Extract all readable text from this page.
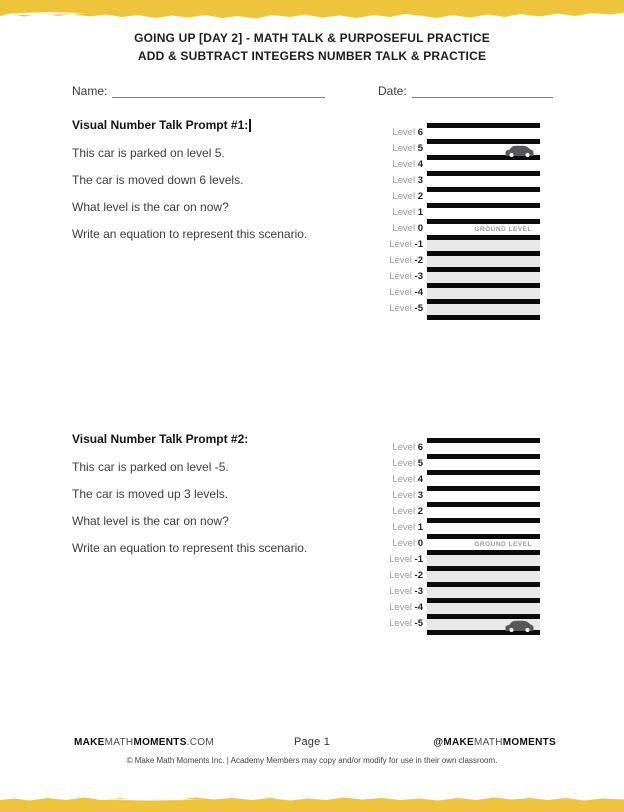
GOING UP [DAY 2] - MATH TALK & PURPOSEFUL PRACTICE
ADD & SUBTRACT INTEGERS NUMBER TALK & PRACTICE
Name:	Date:
Visual Number Talk Prompt #1:

This car is parked on level 5.

The car is moved down 6 levels.

What level is the car on now?

Write an equation to represent this scenario.

Level 6
Level 5
Level 4
Level 3
Level 2
Level 1
Level 0	GROUND LEVEL
Level -1
Level -2
Level -3
Level -4
Level -5
Visual Number Talk Prompt #2:

This car is parked on level -5.

The car is moved up 3 levels.

What level is the car on now?

Write an equation to represent this scenario.

Level 6
Level 5
Level 4
Level 3
Level 2
Level 1
Level 0	GROUND LEVEL
Level -1
Level -2
Level -3
Level -4
Level -5
Page 1
MAKEMATHMOMENTS.COM	@MAKEMATHMOMENTS
© Make Math Moments Inc. | Academy Members may copy and/or modify for use in their own classroom.
